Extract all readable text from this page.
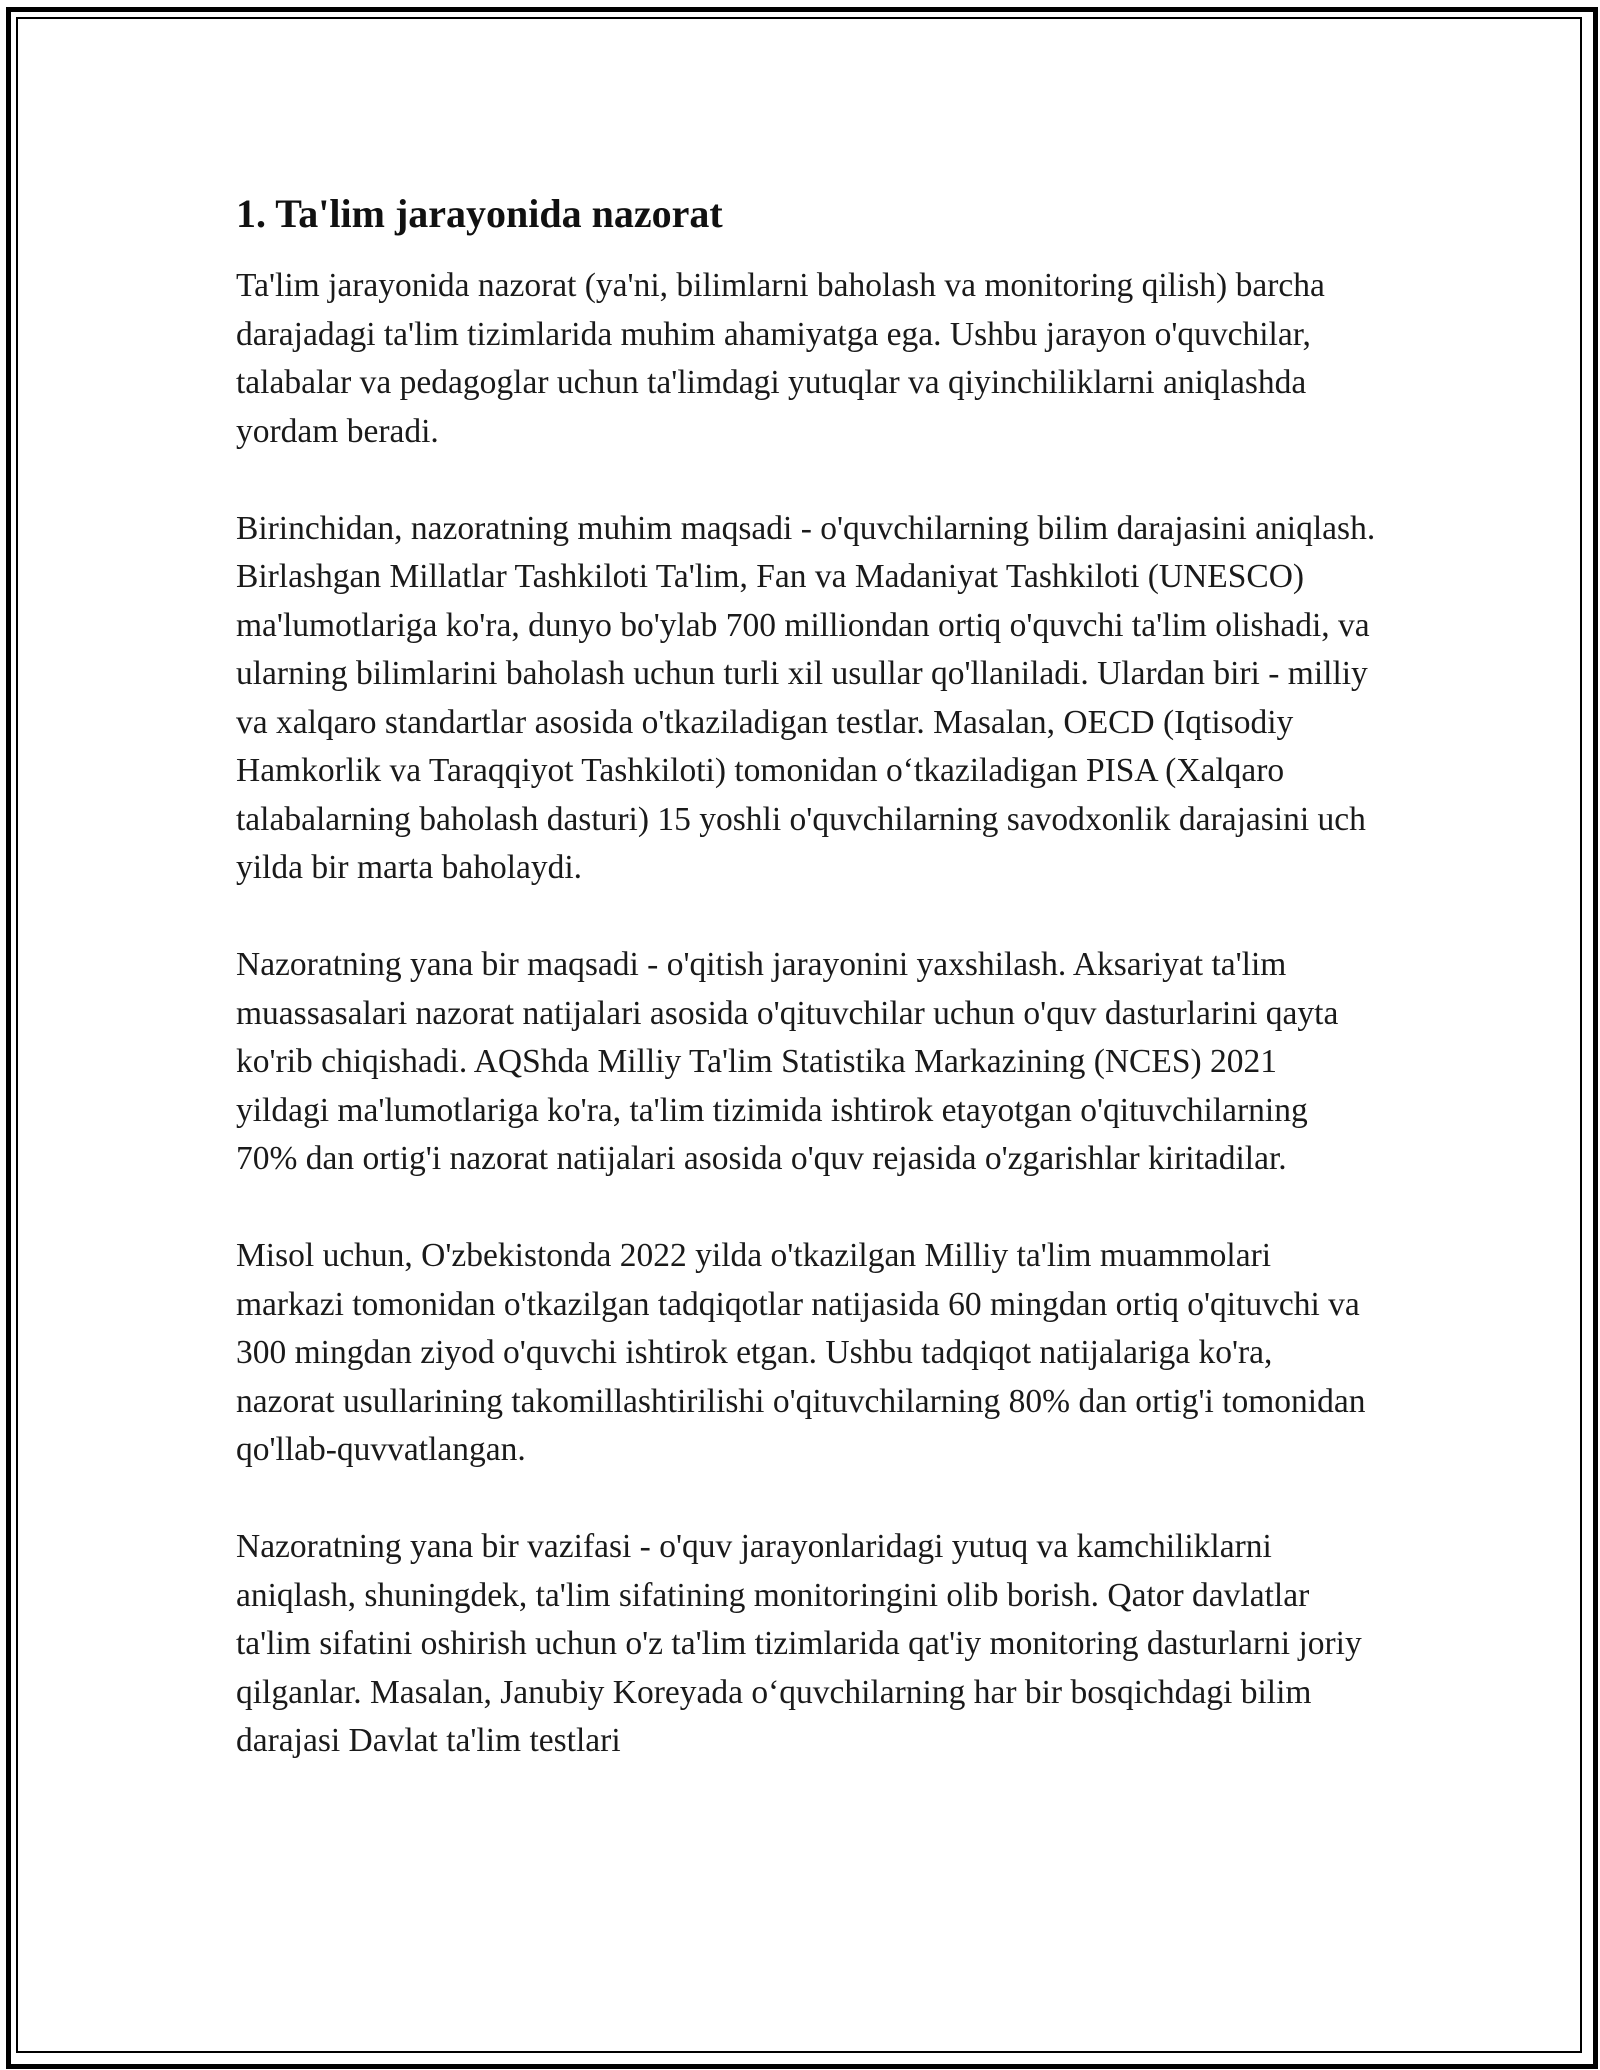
1. Ta'lim jarayonida nazorat

Ta'lim jarayonida nazorat (ya'ni, bilimlarni baholash va monitoring qilish) barcha darajadagi ta'lim tizimlarida muhim ahamiyatga ega. Ushbu jarayon o'quvchilar, talabalar va pedagoglar uchun ta'limdagi yutuqlar va qiyinchiliklarni aniqlashda yordam beradi.

Birinchidan, nazoratning muhim maqsadi - o'quvchilarning bilim darajasini aniqlash. Birlashgan Millatlar Tashkiloti Ta'lim, Fan va Madaniyat Tashkiloti (UNESCO) ma'lumotlariga ko'ra, dunyo bo'ylab 700 milliondan ortiq o'quvchi ta'lim olishadi, va ularning bilimlarini baholash uchun turli xil usullar qo'llaniladi. Ulardan biri - milliy va xalqaro standartlar asosida o'tkaziladigan testlar. Masalan, OECD (Iqtisodiy Hamkorlik va Taraqqiyot Tashkiloti) tomonidan o‘tkaziladigan PISA (Xalqaro talabalarning baholash dasturi) 15 yoshli o'quvchilarning savodxonlik darajasini uch yilda bir marta baholaydi.

Nazoratning yana bir maqsadi - o'qitish jarayonini yaxshilash. Aksariyat ta'lim muassasalari nazorat natijalari asosida o'qituvchilar uchun o'quv dasturlarini qayta ko'rib chiqishadi. AQShda Milliy Ta'lim Statistika Markazining (NCES) 2021 yildagi ma'lumotlariga ko'ra, ta'lim tizimida ishtirok etayotgan o'qituvchilarning 70% dan ortig'i nazorat natijalari asosida o'quv rejasida o'zgarishlar kiritadilar.

Misol uchun, O'zbekistonda 2022 yilda o'tkazilgan Milliy ta'lim muammolari markazi tomonidan o'tkazilgan tadqiqotlar natijasida 60 mingdan ortiq o'qituvchi va 300 mingdan ziyod o'quvchi ishtirok etgan. Ushbu tadqiqot natijalariga ko'ra, nazorat usullarining takomillashtirilishi o'qituvchilarning 80% dan ortig'i tomonidan qo'llab-quvvatlangan.

Nazoratning yana bir vazifasi - o'quv jarayonlaridagi yutuq va kamchiliklarni aniqlash, shuningdek, ta'lim sifatining monitoringini olib borish. Qator davlatlar ta'lim sifatini oshirish uchun o'z ta'lim tizimlarida qat'iy monitoring dasturlarni joriy qilganlar. Masalan, Janubiy Koreyada o‘quvchilarning har bir bosqichdagi bilim darajasi Davlat ta'lim testlari
